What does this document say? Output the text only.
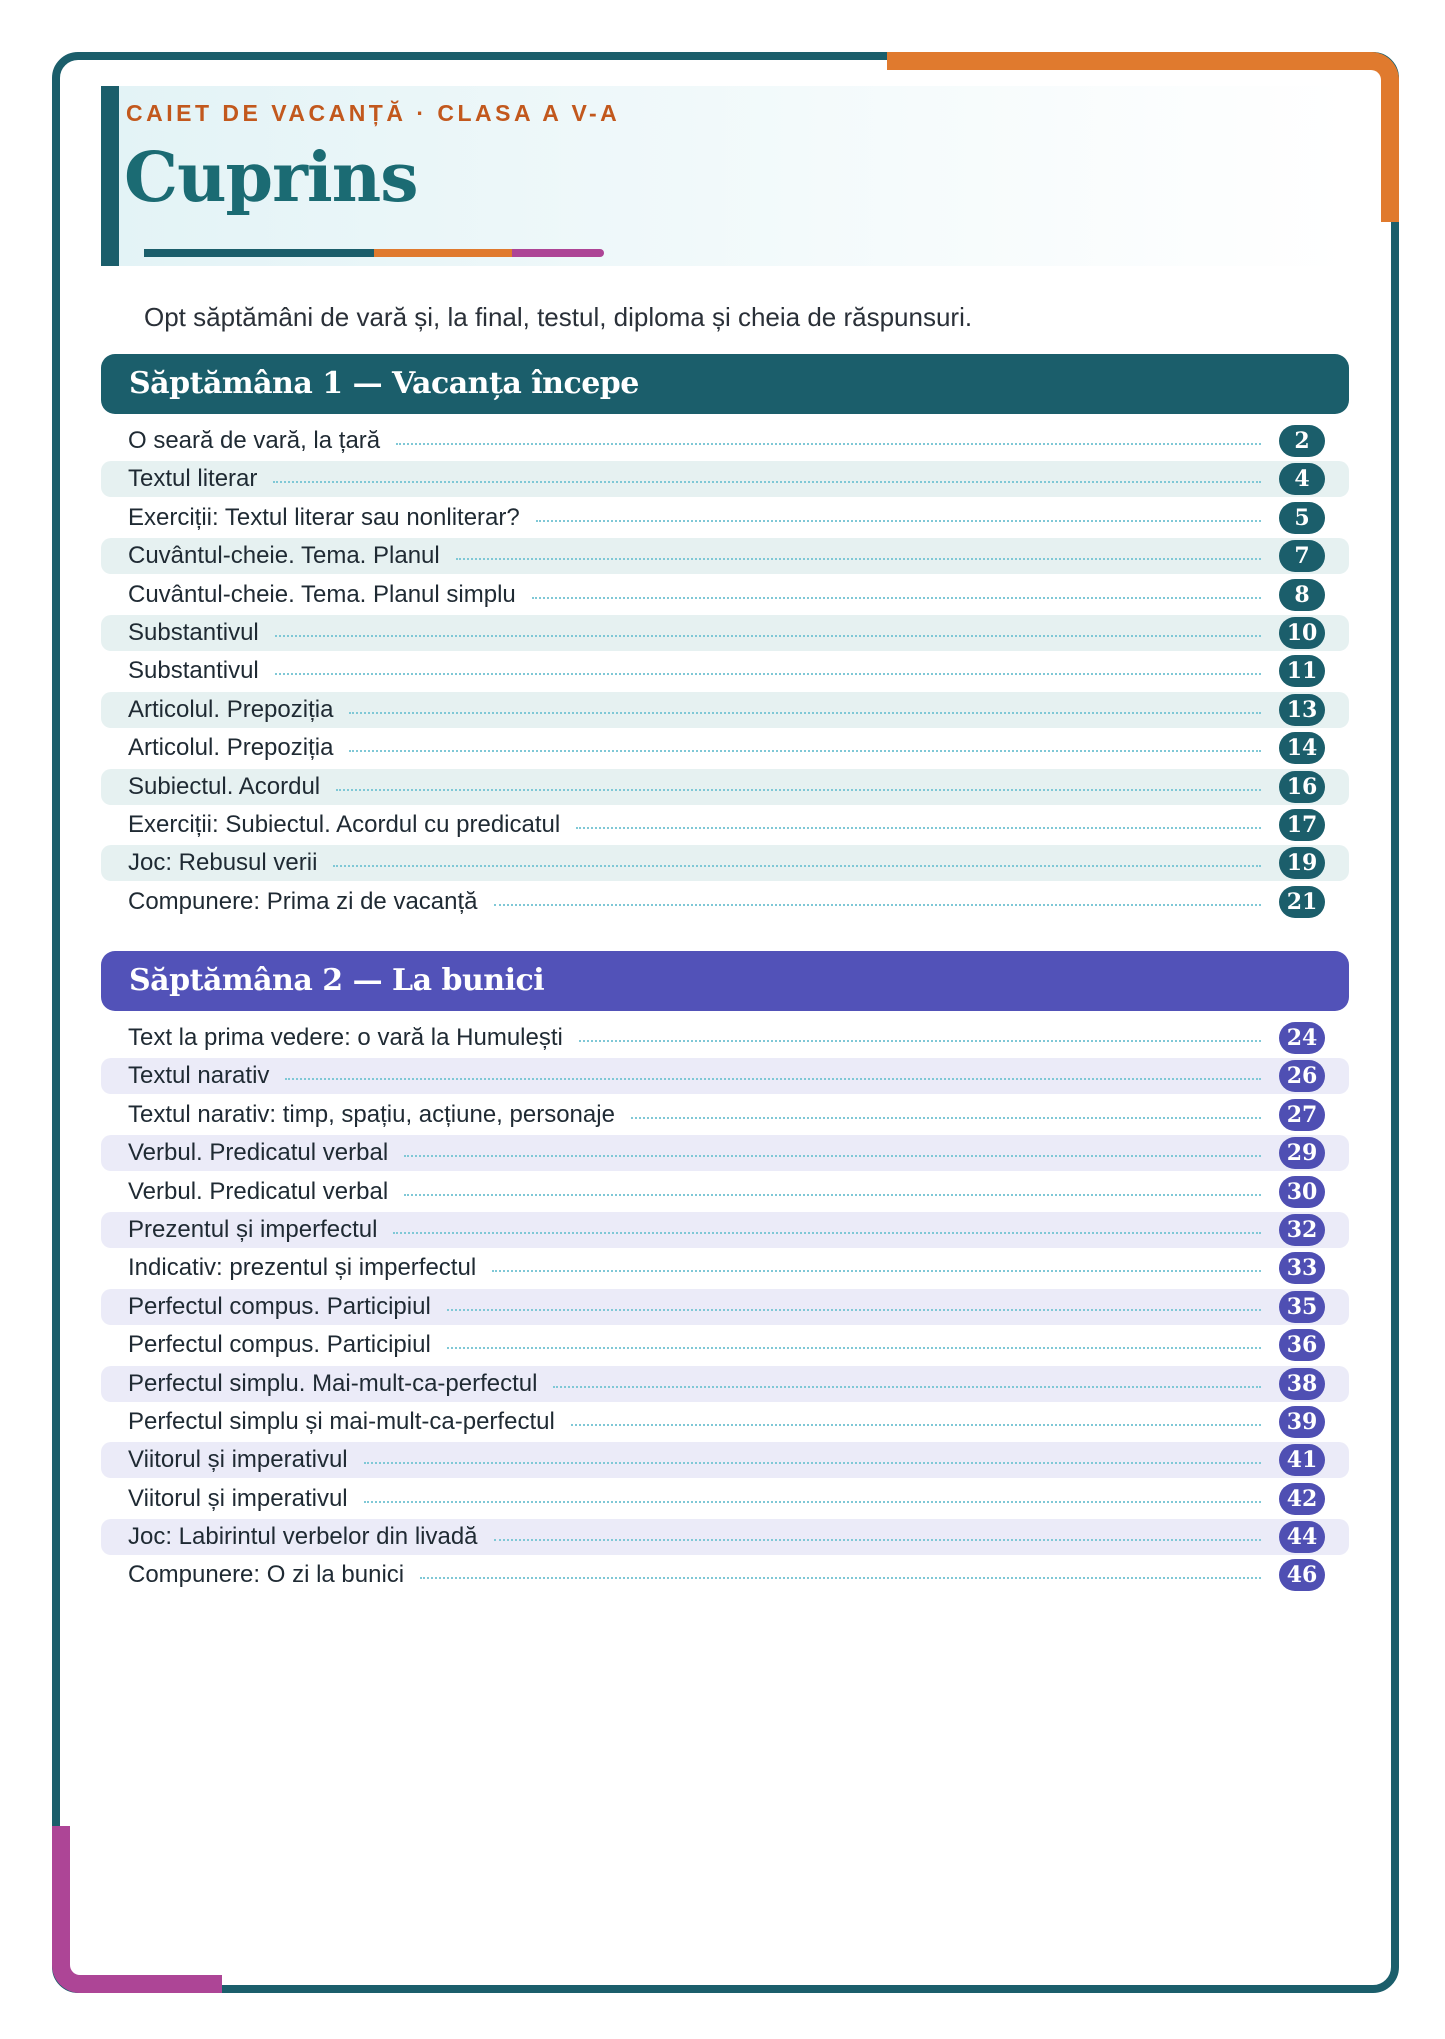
CAIET DE VACANȚĂ · CLASA A V-A
Cuprins
Opt săptămâni de vară și, la final, testul, diploma și cheia de răspunsuri.
Săptămâna 1 — Vacanța începe
O seară de vară, la țară	2
Textul literar	4
Exerciții: Textul literar sau nonliterar?	5
Cuvântul-cheie. Tema. Planul	7
Cuvântul-cheie. Tema. Planul simplu	8
Substantivul	10
Substantivul	11
Articolul. Prepoziția	13
Articolul. Prepoziția	14
Subiectul. Acordul	16
Exerciții: Subiectul. Acordul cu predicatul	17
Joc: Rebusul verii	19
Compunere: Prima zi de vacanță	21
Săptămâna 2 — La bunici
Text la prima vedere: o vară la Humulești	24
Textul narativ	26
Textul narativ: timp, spațiu, acțiune, personaje	27
Verbul. Predicatul verbal	29
Verbul. Predicatul verbal	30
Prezentul și imperfectul	32
Indicativ: prezentul și imperfectul	33
Perfectul compus. Participiul	35
Perfectul compus. Participiul	36
Perfectul simplu. Mai-mult-ca-perfectul	38
Perfectul simplu și mai-mult-ca-perfectul	39
Viitorul și imperativul	41
Viitorul și imperativul	42
Joc: Labirintul verbelor din livadă	44
Compunere: O zi la bunici	46
